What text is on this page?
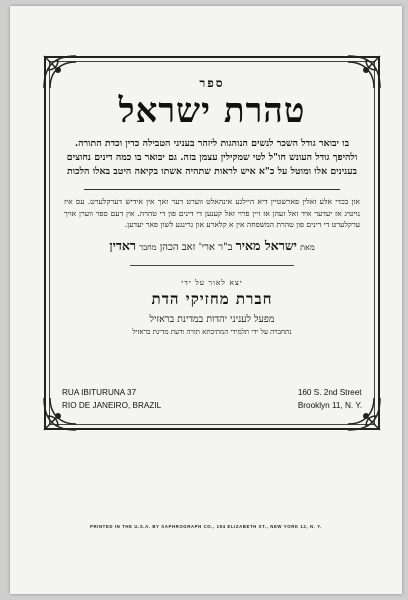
ספר
טהרת ישראל
בו יבואר גודל השכר לנשים הנוהגות ליזהר בעניני הטבילה כדין וכדת התורה. ולהיפך גודל העונש חו"ל לטי שמקילין עצמן בזה. גם יבואר בו כמה דינים נחוצים בענינים אלו ומוטל על כ"א איש לראות שתהיה אשתו בקיאה היטב באלו הלכות
און בכדי אלע זאלין פארשטיין דיא היילגע אינהאלט ווערט דער זאך אין אידיש דערקלערט. עס איז נויטיג אז יעדער איד זאל זעהן אז זיין פרוי זאל קענען די דינים פון די טהרה. אין דעם ספר ווערן אויך ערקלערט די דינים פון טהרת המשפחה אין א קלארע און גרינגע לשון פאר יעדען.
מאת ישראל מאיר ב"ר ארי' זאב הכהן מחבר ראדין
יצא לאור על ידי
חברת מחזיקי הדת
מפעל לעניני יהדות במדינת בראזיל
נתחברה על ידי תלמידי המתיבתא תורה ודעת מדינת בראזיל
RUA IBITURUNA 37
RIO DE JANEIRO, BRAZIL
160 S. 2nd Street
Brooklyn 11, N. Y.
PRINTED IN THE U.S.A. BY SAPHROGRAPH CO., 194 ELIZABETH ST., NEW YORK 12, N. Y.
